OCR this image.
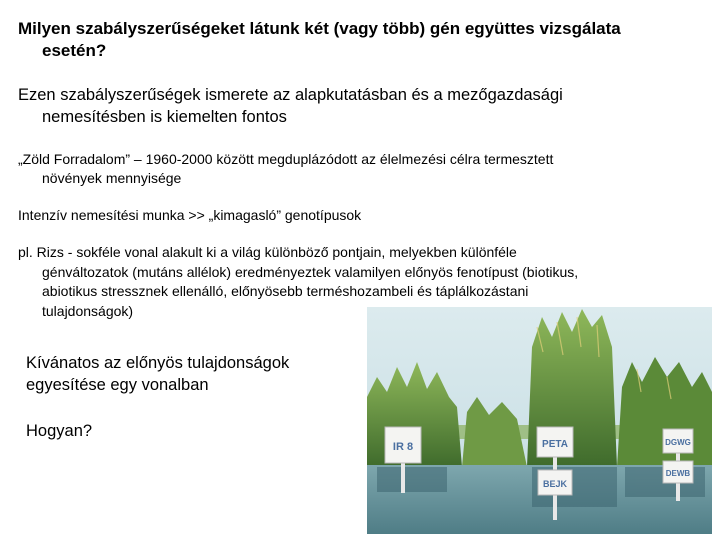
Milyen szabályszerűségeket látunk két (vagy több) gén együttes vizsgálata
esetén?

Ezen szabályszerűségek ismerete az alapkutatásban és a mezőgazdasági
nemesítésben is kiemelten fontos

„Zöld Forradalom” – 1960-2000 között megduplázódott az élelmezési célra termesztett
növények mennyisége

Intenzív nemesítési munka >> „kimagasló” genotípusok

pl. Rizs - sokféle vonal alakult ki a világ különböző pontjain, melyekben különféle
génváltozatok (mutáns allélok) eredményeztek valamilyen előnyös fenotípust (biotikus,
abiotikus stressznek ellenálló, előnyösebb terméshozambeli és táplálkozástani
tulajdonságok)

Kívánatos az előnyös tulajdonságok
egyesítése egy vonalban

Hogyan?

IR 8	PETA	DGWG
BEJK
DEWB
